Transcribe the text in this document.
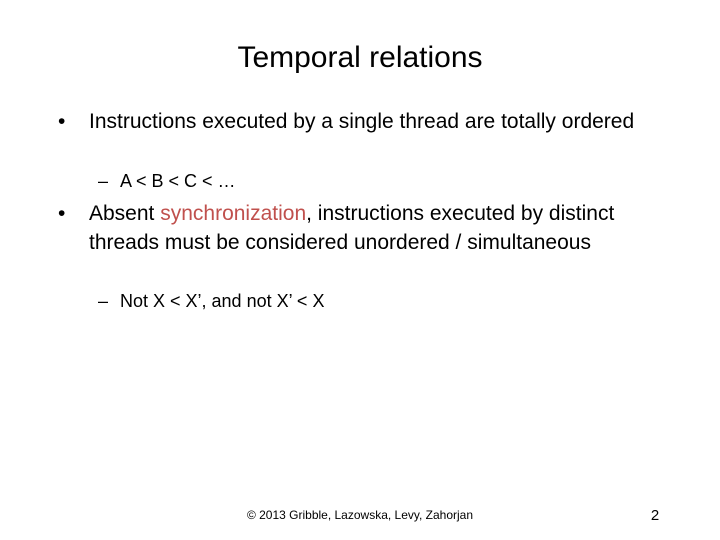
Temporal relations
•	Instructions executed by a single thread are totally ordered
– A < B < C < …
•	Absent synchronization, instructions executed by distinct threads must be considered unordered / simultaneous
– Not X < X’, and not X’ < X
© 2013 Gribble, Lazowska, Levy, Zahorjan	2
